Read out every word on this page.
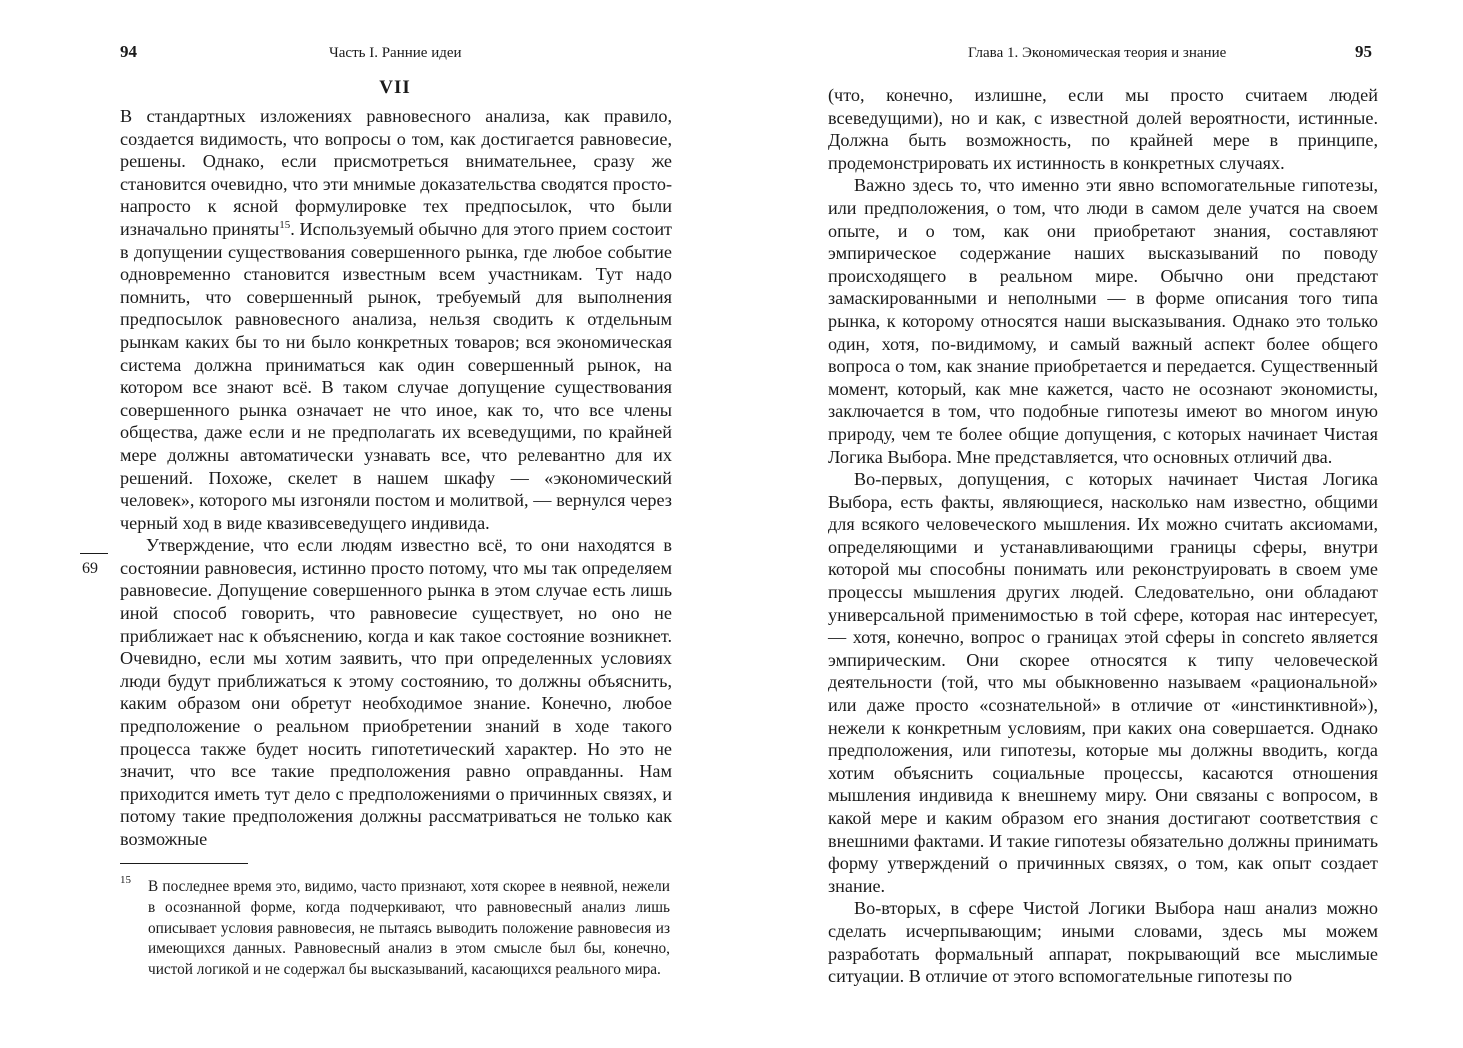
94	Часть I. Ранние идеи
VII

В стандартных изложениях равновесного анализа, как правило, создается видимость, что вопросы о том, как достигается равновесие, решены. Однако, если присмотреться внимательнее, сразу же становится очевидно, что эти мнимые доказательства сводятся просто-напросто к ясной формулировке тех предпосылок, что были изначально приняты$^{15}$. Используемый обычно для этого прием состоит в допущении существования совершенного рынка, где любое событие одновременно становится известным всем участникам. Тут надо помнить, что совершенный рынок, требуемый для выполнения предпосылок равновесного анализа, нельзя сводить к отдельным рынкам каких бы то ни было конкретных товаров; вся экономическая система должна приниматься как один совершенный рынок, на котором все знают всё. В таком случае допущение существования совершенного рынка означает не что иное, как то, что все члены общества, даже если и не предполагать их всеведущими, по крайней мере должны автоматически узнавать все, что релевантно для их решений. Похоже, скелет в нашем шкафу — «экономический человек», которого мы изгоняли постом и молитвой, — вернулся через черный ход в виде квазивсеведущего индивида.

Утверждение, что если людям известно всё, то они находятся в состоянии равновесия, истинно просто потому, что мы так определяем равновесие. Допущение совершенного рынка в этом случае есть лишь иной способ говорить, что равновесие существует, но оно не приближает нас к объяснению, когда и как такое состояние возникнет. Очевидно, если мы хотим заявить, что при определенных условиях люди будут приближаться к этому состоянию, то должны объяснить, каким образом они обретут необходимое знание. Конечно, любое предположение о реальном приобретении знаний в ходе такого процесса также будет носить гипотетический характер. Но это не значит, что все такие предположения равно оправданны. Нам приходится иметь тут дело с предположениями о причинных связях, и потому такие предположения должны рассматриваться не только как возможные

69
15 В последнее время это, видимо, часто признают, хотя скорее в неявной, нежели в осознанной форме, когда подчеркивают, что равновесный анализ лишь описывает условия равновесия, не пытаясь выводить положение равновесия из имеющихся данных. Равновесный анализ в этом смысле был бы, конечно, чистой логикой и не содержал бы высказываний, касающихся реального мира.
Глава 1. Экономическая теория и знание	95

(что, конечно, излишне, если мы просто считаем людей всеведущими), но и как, с известной долей вероятности, истинные. Должна быть возможность, по крайней мере в принципе, продемонстрировать их истинность в конкретных случаях.

Важно здесь то, что именно эти явно вспомогательные гипотезы, или предположения, о том, что люди в самом деле учатся на своем опыте, и о том, как они приобретают знания, составляют эмпирическое содержание наших высказываний по поводу происходящего в реальном мире. Обычно они предстают замаскированными и неполными — в форме описания того типа рынка, к которому относятся наши высказывания. Однако это только один, хотя, по-видимому, и самый важный аспект более общего вопроса о том, как знание приобретается и передается. Существенный момент, который, как мне кажется, часто не осознают экономисты, заключается в том, что подобные гипотезы имеют во многом иную природу, чем те более общие допущения, с которых начинает Чистая Логика Выбора. Мне представляется, что основных отличий два.

Во-первых, допущения, с которых начинает Чистая Логика Выбора, есть факты, являющиеся, насколько нам известно, общими для всякого человеческого мышления. Их можно считать аксиомами, определяющими и устанавливающими границы сферы, внутри которой мы способны понимать или реконструировать в своем уме процессы мышления других людей. Следовательно, они обладают универсальной применимостью в той сфере, которая нас интересует, — хотя, конечно, вопрос о границах этой сферы in concreto является эмпирическим. Они скорее относятся к типу человеческой деятельности (той, что мы обыкновенно называем «рациональной» или даже просто «сознательной» в отличие от «инстинктивной»), нежели к конкретным условиям, при каких она совершается. Однако предположения, или гипотезы, которые мы должны вводить, когда хотим объяснить социальные процессы, касаются отношения мышления индивида к внешнему миру. Они связаны с вопросом, в какой мере и каким образом его знания достигают соответствия с внешними фактами. И такие гипотезы обязательно должны принимать форму утверждений о причинных связях, о том, как опыт создает знание.

Во-вторых, в сфере Чистой Логики Выбора наш анализ можно сделать исчерпывающим; иными словами, здесь мы можем разработать формальный аппарат, покрывающий все мыслимые ситуации. В отличие от этого вспомогательные гипотезы по
